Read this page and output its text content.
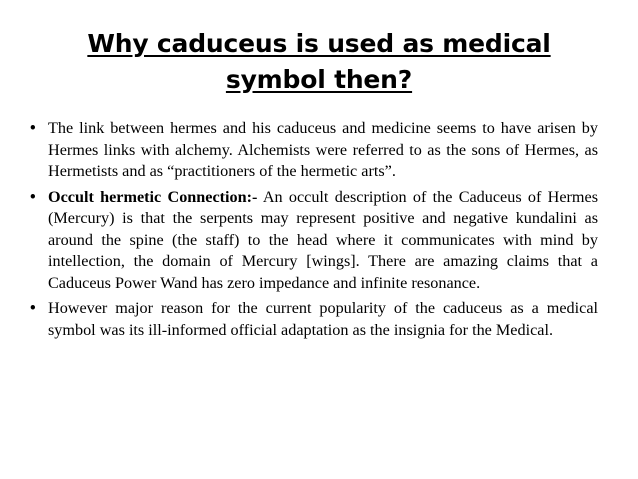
Why caduceus is used as medical symbol then?
• The link between hermes and his caduceus and medicine seems to have arisen by Hermes links with alchemy. Alchemists were referred to as the sons of Hermes, as Hermetists and as “practitioners of the hermetic arts”.
• Occult hermetic Connection:- An occult description of the Caduceus of Hermes (Mercury) is that the serpents may represent positive and negative kundalini as around the spine (the staff) to the head where it communicates with mind by intellection, the domain of Mercury [wings]. There are amazing claims that a Caduceus Power Wand has zero impedance and infinite resonance.
• However major reason for the current popularity of the caduceus as a medical symbol was its ill-informed official adaptation as the insignia for the Medical.
